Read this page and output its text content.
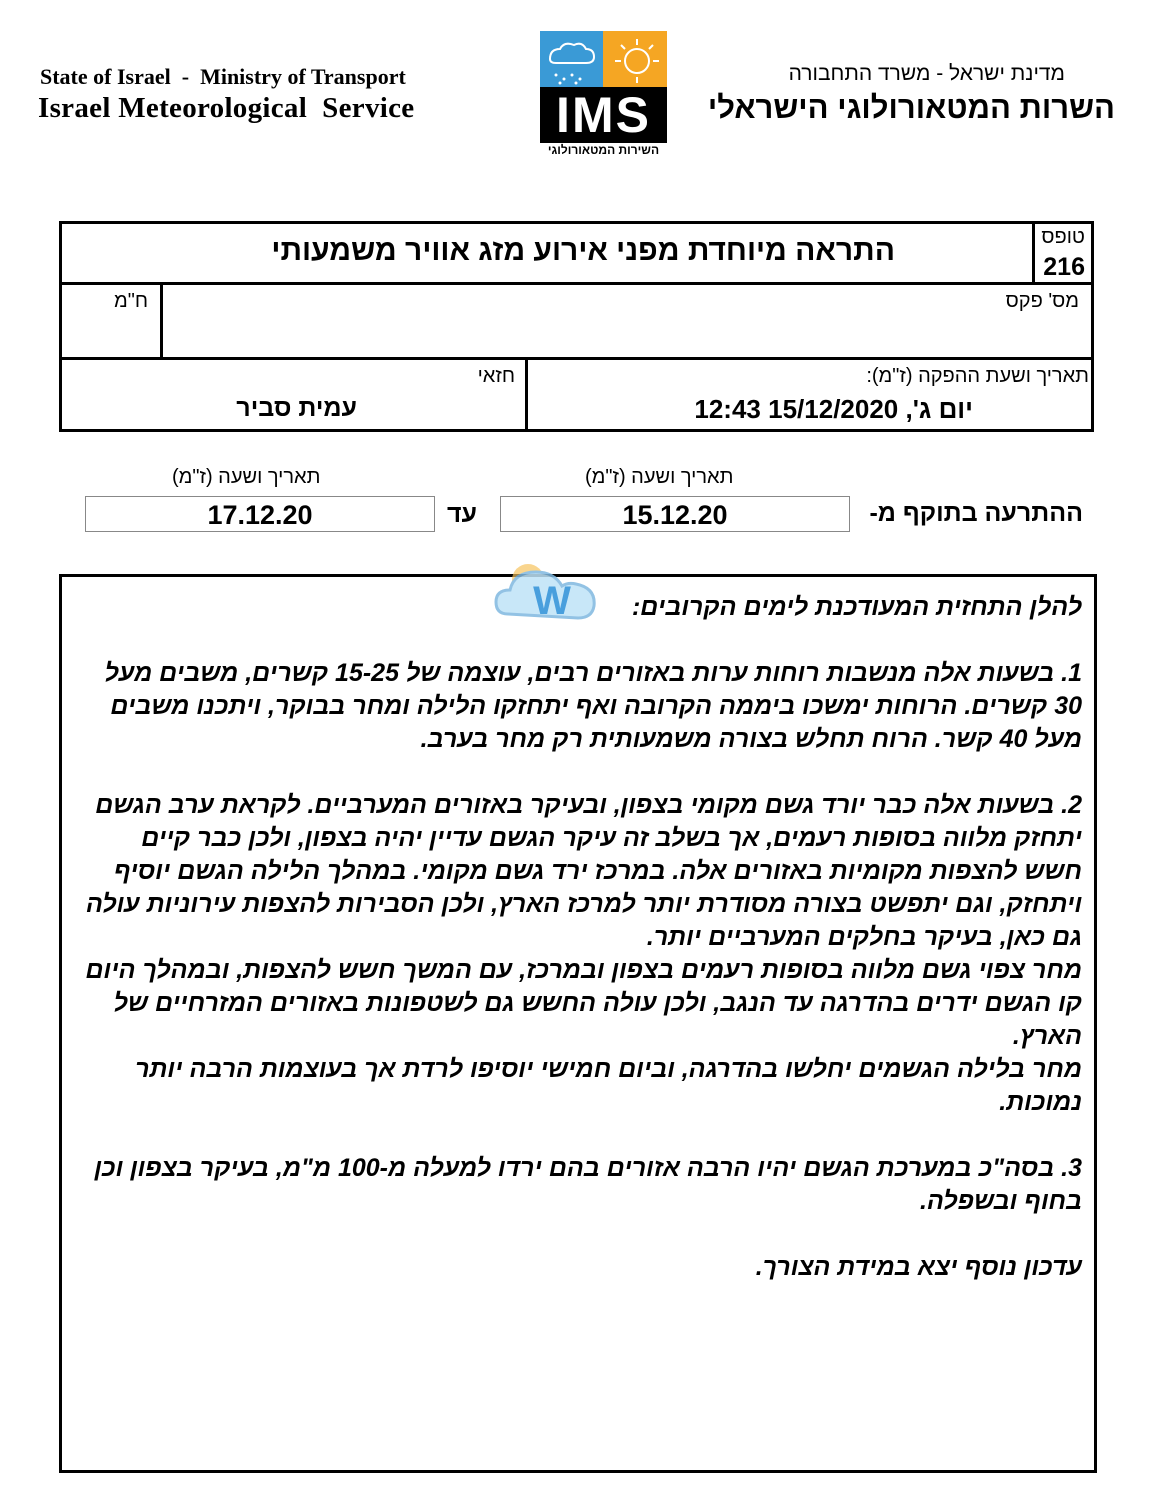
State of Israel  -  Ministry of Transport
Israel Meteorological  Service
מדינת ישראל - משרד התחבורה
השרות המטאורולוגי הישראלי
IMS
השירות המטאורולוגי
התראה מיוחדת מפני אירוע מזג אוויר משמעותי	טופס
216
מס' פקס
ח"מ
תאריך ושעת ההפקה (ז"מ):
יום ג', 15/12/2020 12:43
חזאי
עמית סביר
תאריך ושעה (ז"מ)
תאריך ושעה (ז"מ)
ההתרעה בתוקף מ-
15.12.20
עד
17.12.20

להלן התחזית המעודכנת לימים הקרובים:

1. בשעות אלה מנשבות רוחות ערות באזורים רבים, עוצמה של 15-25 קשרים, משבים מעל 30 קשרים. הרוחות ימשכו ביממה הקרובה ואף יתחזקו הלילה ומחר בבוקר, ויתכנו משבים מעל 40 קשר. הרוח תחלש בצורה משמעותית רק מחר בערב.

2. בשעות אלה כבר יורד גשם מקומי בצפון, ובעיקר באזורים המערביים. לקראת ערב הגשם יתחזק מלווה בסופות רעמים, אך בשלב זה עיקר הגשם עדיין יהיה בצפון, ולכן כבר קיים חשש להצפות מקומיות באזורים אלה. במרכז ירד גשם מקומי. במהלך הלילה הגשם יוסיף ויתחזק, וגם יתפשט בצורה מסודרת יותר למרכז הארץ, ולכן הסבירות להצפות עירוניות עולה גם כאן, בעיקר בחלקים המערביים יותר.

מחר צפוי גשם מלווה בסופות רעמים בצפון ובמרכז, עם המשך חשש להצפות, ובמהלך היום קו הגשם ידרים בהדרגה עד הנגב, ולכן עולה החשש גם לשטפונות באזורים המזרחיים של הארץ.

מחר בלילה הגשמים יחלשו בהדרגה, וביום חמישי יוסיפו לרדת אך בעוצמות הרבה יותר נמוכות.

3. בסה"כ במערכת הגשם יהיו הרבה אזורים בהם ירדו למעלה מ-100 מ"מ, בעיקר בצפון וכן בחוף ובשפלה.

עדכון נוסף יצא במידת הצורך.

W
